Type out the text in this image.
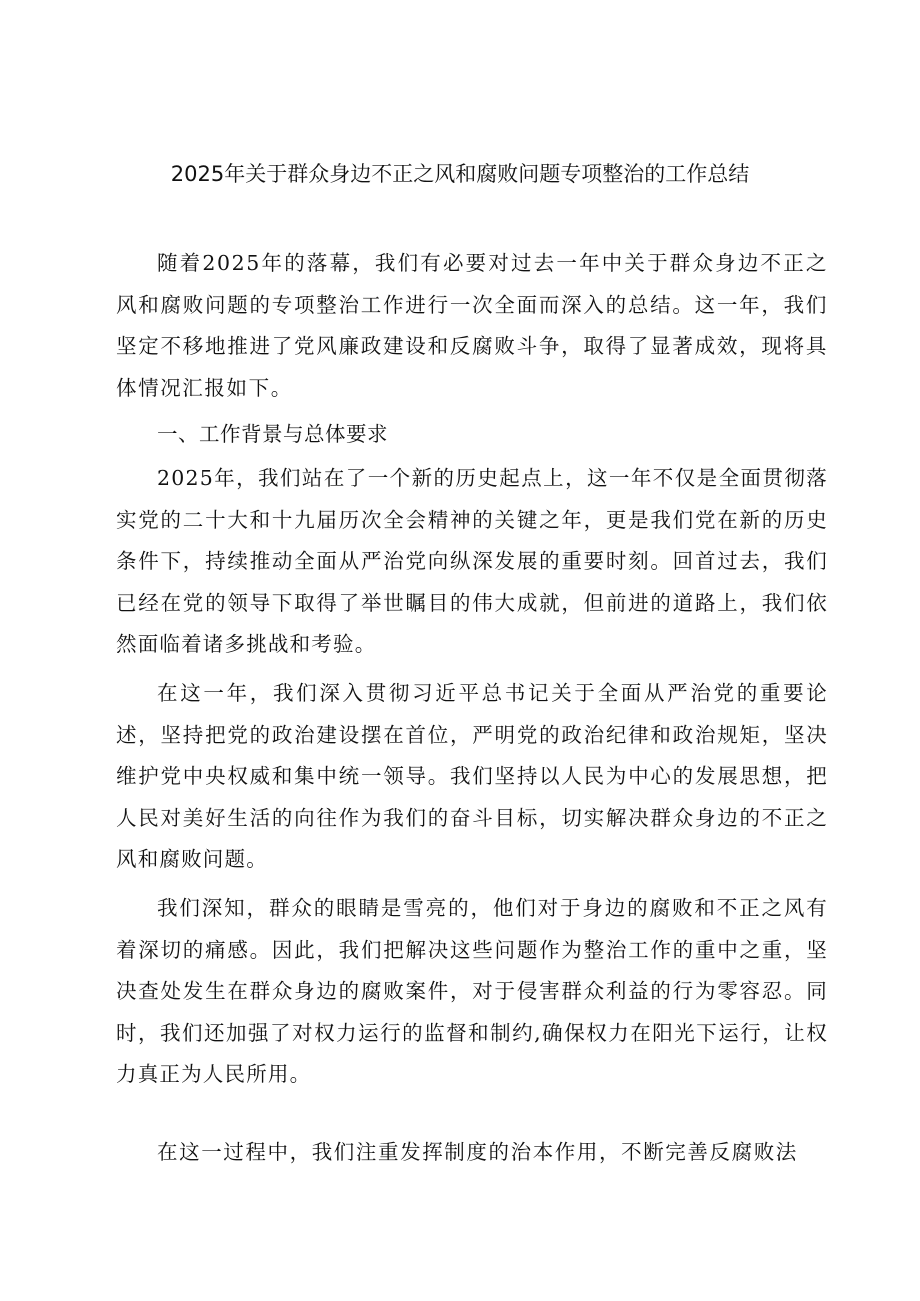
2025年关于群众身边不正之风和腐败问题专项整治的工作总结

随着2025年的落幕，我们有必要对过去一年中关于群众身边不正之风和腐败问题的专项整治工作进行一次全面而深入的总结。这一年，我们坚定不移地推进了党风廉政建设和反腐败斗争，取得了显著成效，现将具体情况汇报如下。

一、工作背景与总体要求

2025年，我们站在了一个新的历史起点上，这一年不仅是全面贯彻落实党的二十大和十九届历次全会精神的关键之年，更是我们党在新的历史条件下，持续推动全面从严治党向纵深发展的重要时刻。回首过去，我们已经在党的领导下取得了举世瞩目的伟大成就，但前进的道路上，我们依然面临着诸多挑战和考验。

在这一年，我们深入贯彻习近平总书记关于全面从严治党的重要论述，坚持把党的政治建设摆在首位，严明党的政治纪律和政治规矩，坚决维护党中央权威和集中统一领导。我们坚持以人民为中心的发展思想，把人民对美好生活的向往作为我们的奋斗目标，切实解决群众身边的不正之风和腐败问题。

我们深知，群众的眼睛是雪亮的，他们对于身边的腐败和不正之风有着深切的痛感。因此，我们把解决这些问题作为整治工作的重中之重，坚决查处发生在群众身边的腐败案件，对于侵害群众利益的行为零容忍。同时，我们还加强了对权力运行的监督和制约,确保权力在阳光下运行，让权力真正为人民所用。

在这一过程中，我们注重发挥制度的治本作用，不断完善反腐败法
